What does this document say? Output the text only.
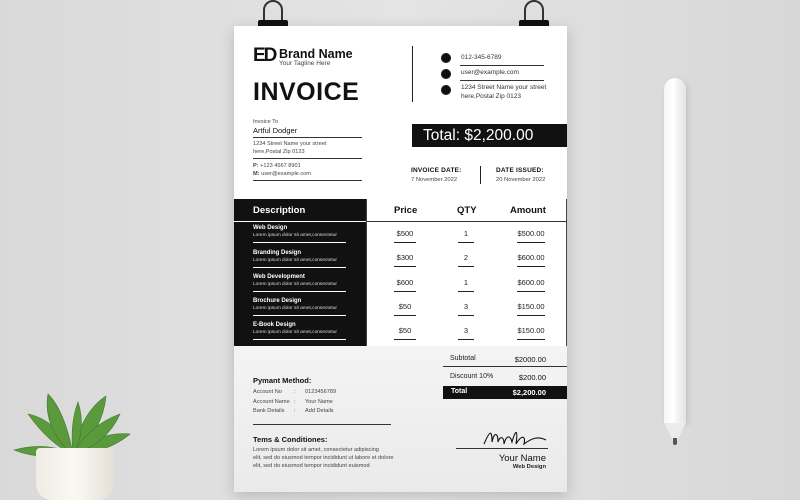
ED Brand Name
Your Tagline Here
INVOICE
012-345-6789
user@example.com
1234 Street Name your street
here,Postal Zip 0123
Invoice To
Artful Dodger
1234 Street Name your street
here,Postal Zip 0123
P: +123 4567 8901
M: user@example.com
Total: $2,200.00
INVOICE DATE:
7 November 2022
DATE ISSUED:
20 November 2022
Description	Price	QTY	Amount
Web Design
Lorem ipsum dolor sit amet,consectetur	$500	1	$500.00
Branding Design
Lorem ipsum dolor sit amet,consectetur	$300	2	$600.00
Web Development
Lorem ipsum dolor sit amet,consectetur	$600	1	$600.00
Brochure Design
Lorem ipsum dolor sit amet,consectetur	$50	3	$150.00
E-Book Design
Lorem ipsum dolor sit amet,consectetur	$50	3	$150.00
Subtotal	$2000.00
Discount 10%	$200.00
Total	$2,200.00
Pymant Method:
Account No : 0123456789
Account Name : Your Name
Bank Details : Add Details
Tems & Conditiones:
Lorem ipsum dolor sit amet, consectetur adipiscing
elit, sed do eiusmod tempor incididunt ut labore et dolore
elit, sed do eiusmod tempor incididunt euismod
Your Name
Web Design
